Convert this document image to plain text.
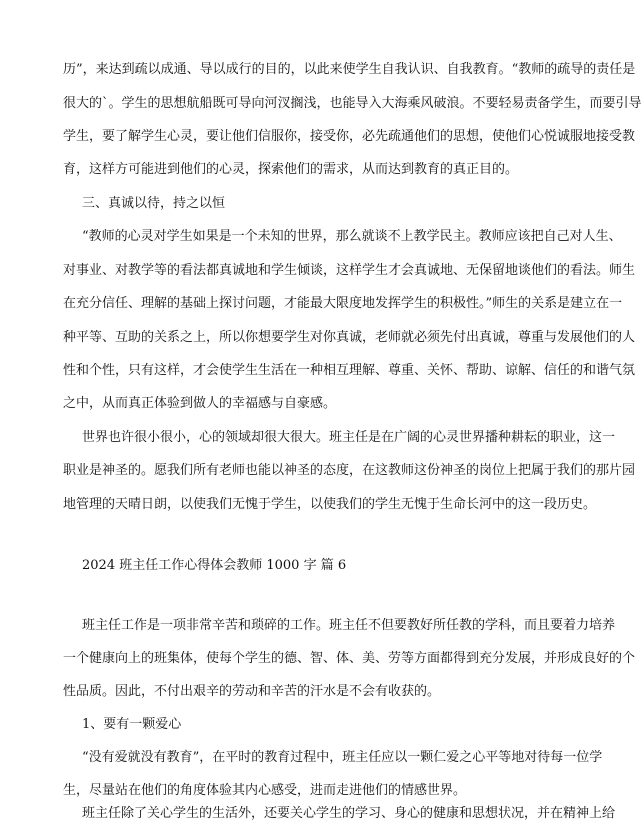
历”，来达到疏以成通、导以成行的目的，以此来使学生自我认识、自我教育。“教师的疏导的责任是
很大的`。学生的思想航船既可导向河汊搁浅，也能导入大海乘风破浪。不要轻易责备学生，而要引导
学生，要了解学生心灵，要让他们信服你，接受你，必先疏通他们的思想，使他们心悦诚服地接受教
育，这样方可能进到他们的心灵，探索他们的需求，从而达到教育的真正目的。
三、真诚以待，持之以恒
“教师的心灵对学生如果是一个未知的世界，那么就谈不上教学民主。教师应该把自己对人生、
对事业、对教学等的看法都真诚地和学生倾谈，这样学生才会真诚地、无保留地谈他们的看法。师生
在充分信任、理解的基础上探讨问题，才能最大限度地发挥学生的积极性。”师生的关系是建立在一
种平等、互助的关系之上，所以你想要学生对你真诚，老师就必须先付出真诚，尊重与发展他们的人
性和个性，只有这样，才会使学生生活在一种相互理解、尊重、关怀、帮助、谅解、信任的和谐气氛
之中，从而真正体验到做人的幸福感与自豪感。
世界也许很小很小，心的领域却很大很大。班主任是在广阔的心灵世界播种耕耘的职业，这一
职业是神圣的。愿我们所有老师也能以神圣的态度，在这教师这份神圣的岗位上把属于我们的那片园
地管理的天晴日朗，以使我们无愧于学生，以使我们的学生无愧于生命长河中的这一段历史。
2024 班主任工作心得体会教师 1000 字 篇 6
班主任工作是一项非常辛苦和琐碎的工作。班主任不但要教好所任教的学科，而且要着力培养
一个健康向上的班集体，使每个学生的德、智、体、美、劳等方面都得到充分发展，并形成良好的个
性品质。因此，不付出艰辛的劳动和辛苦的汗水是不会有收获的。
1、要有一颗爱心
“没有爱就没有教育”，在平时的教育过程中，班主任应以一颗仁爱之心平等地对待每一位学
生，尽量站在他们的角度体验其内心感受，进而走进他们的情感世界。
班主任除了关心学生的生活外，还要关心学生的学习、身心的健康和思想状况，并在精神上给
